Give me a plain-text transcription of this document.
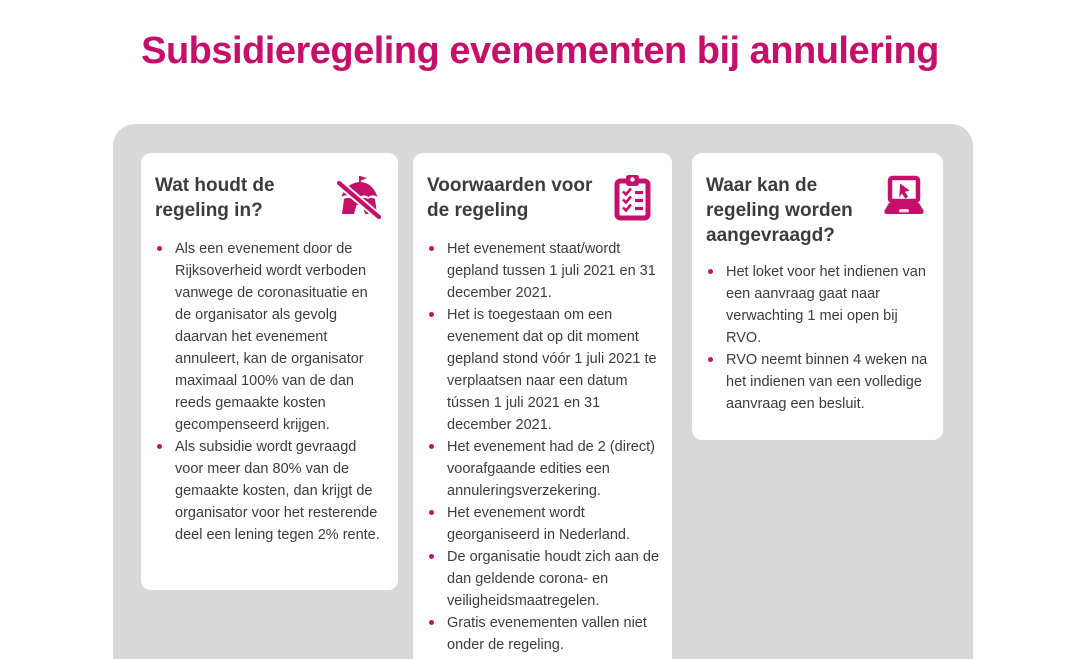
Subsidieregeling evenementen bij annulering
Wat houdt de regeling in?
Als een evenement door de Rijksoverheid wordt verboden vanwege de coronasituatie en de organisator als gevolg daarvan het evenement annuleert, kan de organisator maximaal 100% van de dan reeds gemaakte kosten gecompenseerd krijgen.
Als subsidie wordt gevraagd voor meer dan 80% van de gemaakte kosten, dan krijgt de organisator voor het resterende deel een lening tegen 2% rente.
Voorwaarden voor de regeling
Het evenement staat/wordt gepland tussen 1 juli 2021 en 31 december 2021.
Het is toegestaan om een evenement dat op dit moment gepland stond vóór 1 juli 2021 te verplaatsen naar een datum tússen 1 juli 2021 en 31 december 2021.
Het evenement had de 2 (direct) voorafgaande edities een annuleringsverzekering.
Het evenement wordt georganiseerd in Nederland.
De organisatie houdt zich aan de dan geldende corona- en veiligheidsmaatregelen.
Gratis evenementen vallen niet onder de regeling.
Waar kan de regeling worden aangevraagd?
Het loket voor het indienen van een aanvraag gaat naar verwachting 1 mei open bij RVO.
RVO neemt binnen 4 weken na het indienen van een volledige aanvraag een besluit.
